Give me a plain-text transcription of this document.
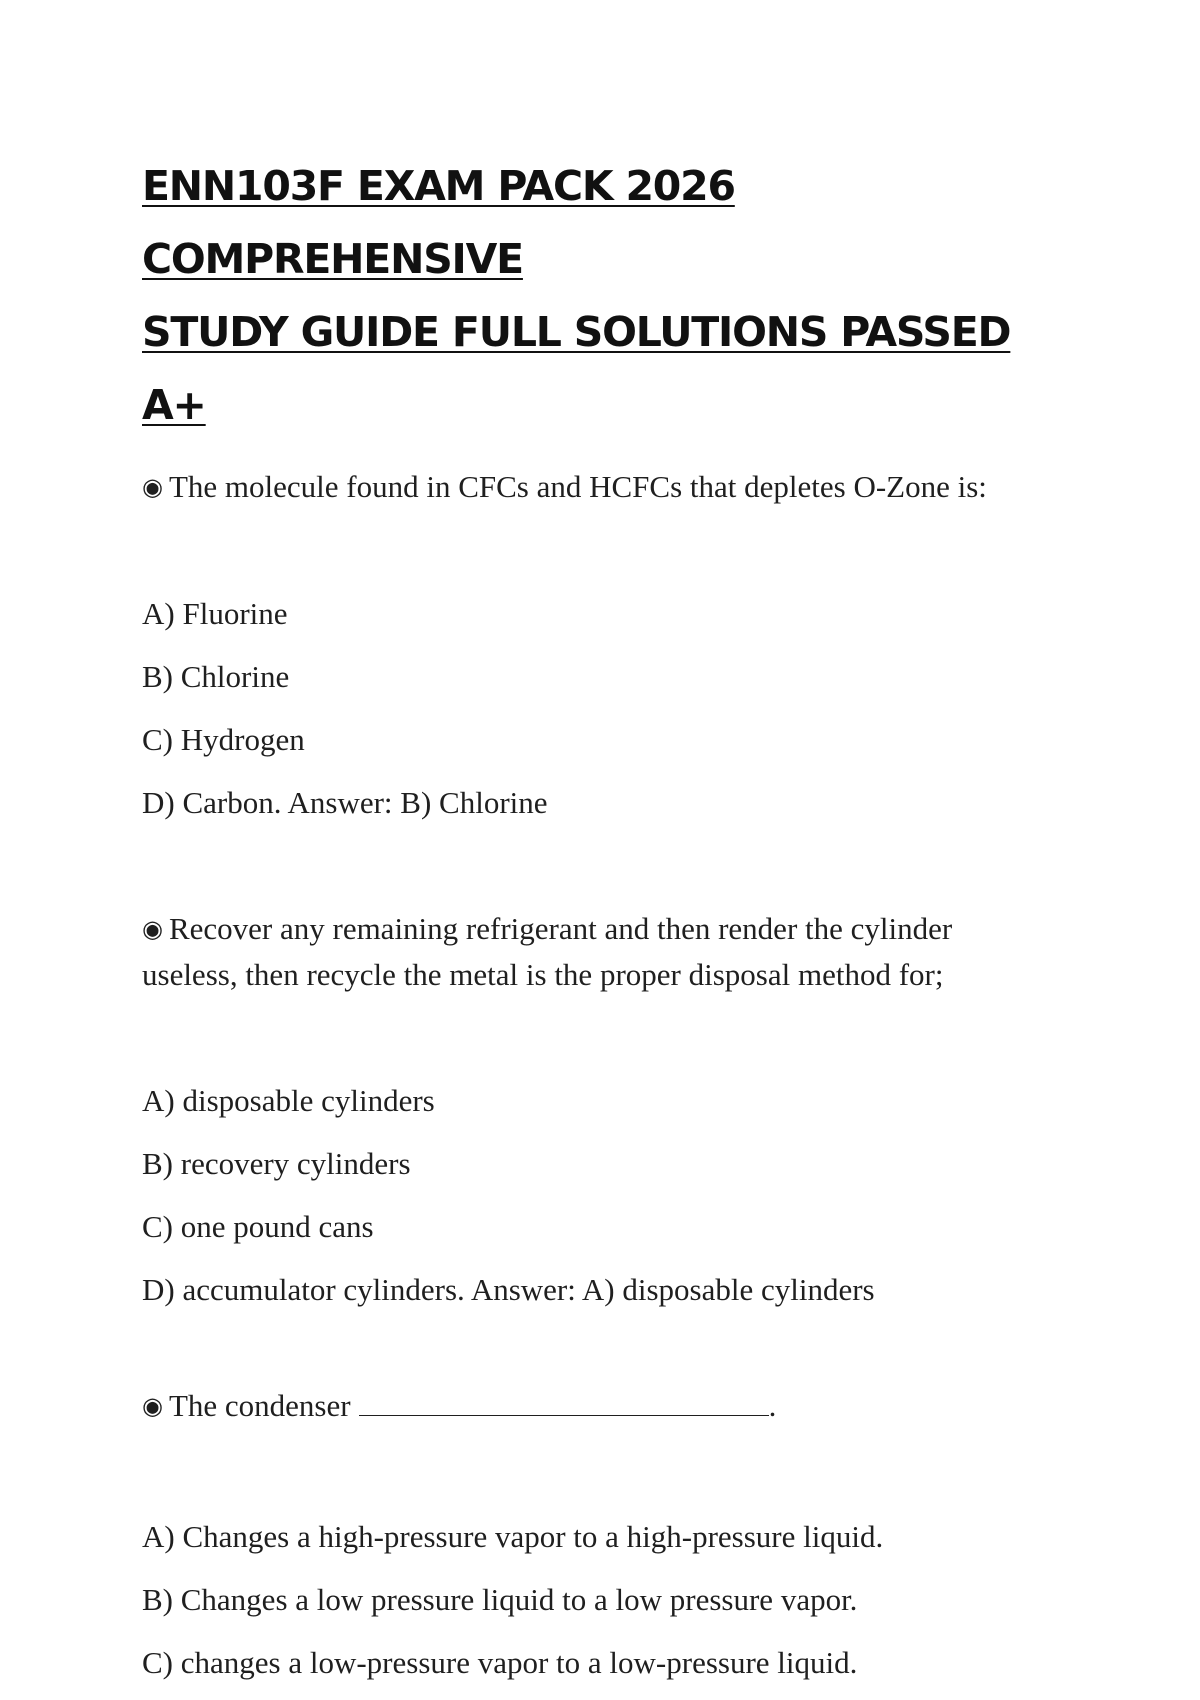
ENN103F EXAM PACK 2026 COMPREHENSIVE
STUDY GUIDE FULL SOLUTIONS PASSED A+

◉ The molecule found in CFCs and HCFCs that depletes O-Zone is:

A) Fluorine
B) Chlorine
C) Hydrogen
D) Carbon. Answer: B) Chlorine

◉ Recover any remaining refrigerant and then render the cylinder
useless, then recycle the metal is the proper disposal method for;

A) disposable cylinders
B) recovery cylinders
C) one pound cans
D) accumulator cylinders. Answer: A) disposable cylinders

◉ The condenser	.

A) Changes a high-pressure vapor to a high-pressure liquid.
B) Changes a low pressure liquid to a low pressure vapor.
C) changes a low-pressure vapor to a low-pressure liquid.
